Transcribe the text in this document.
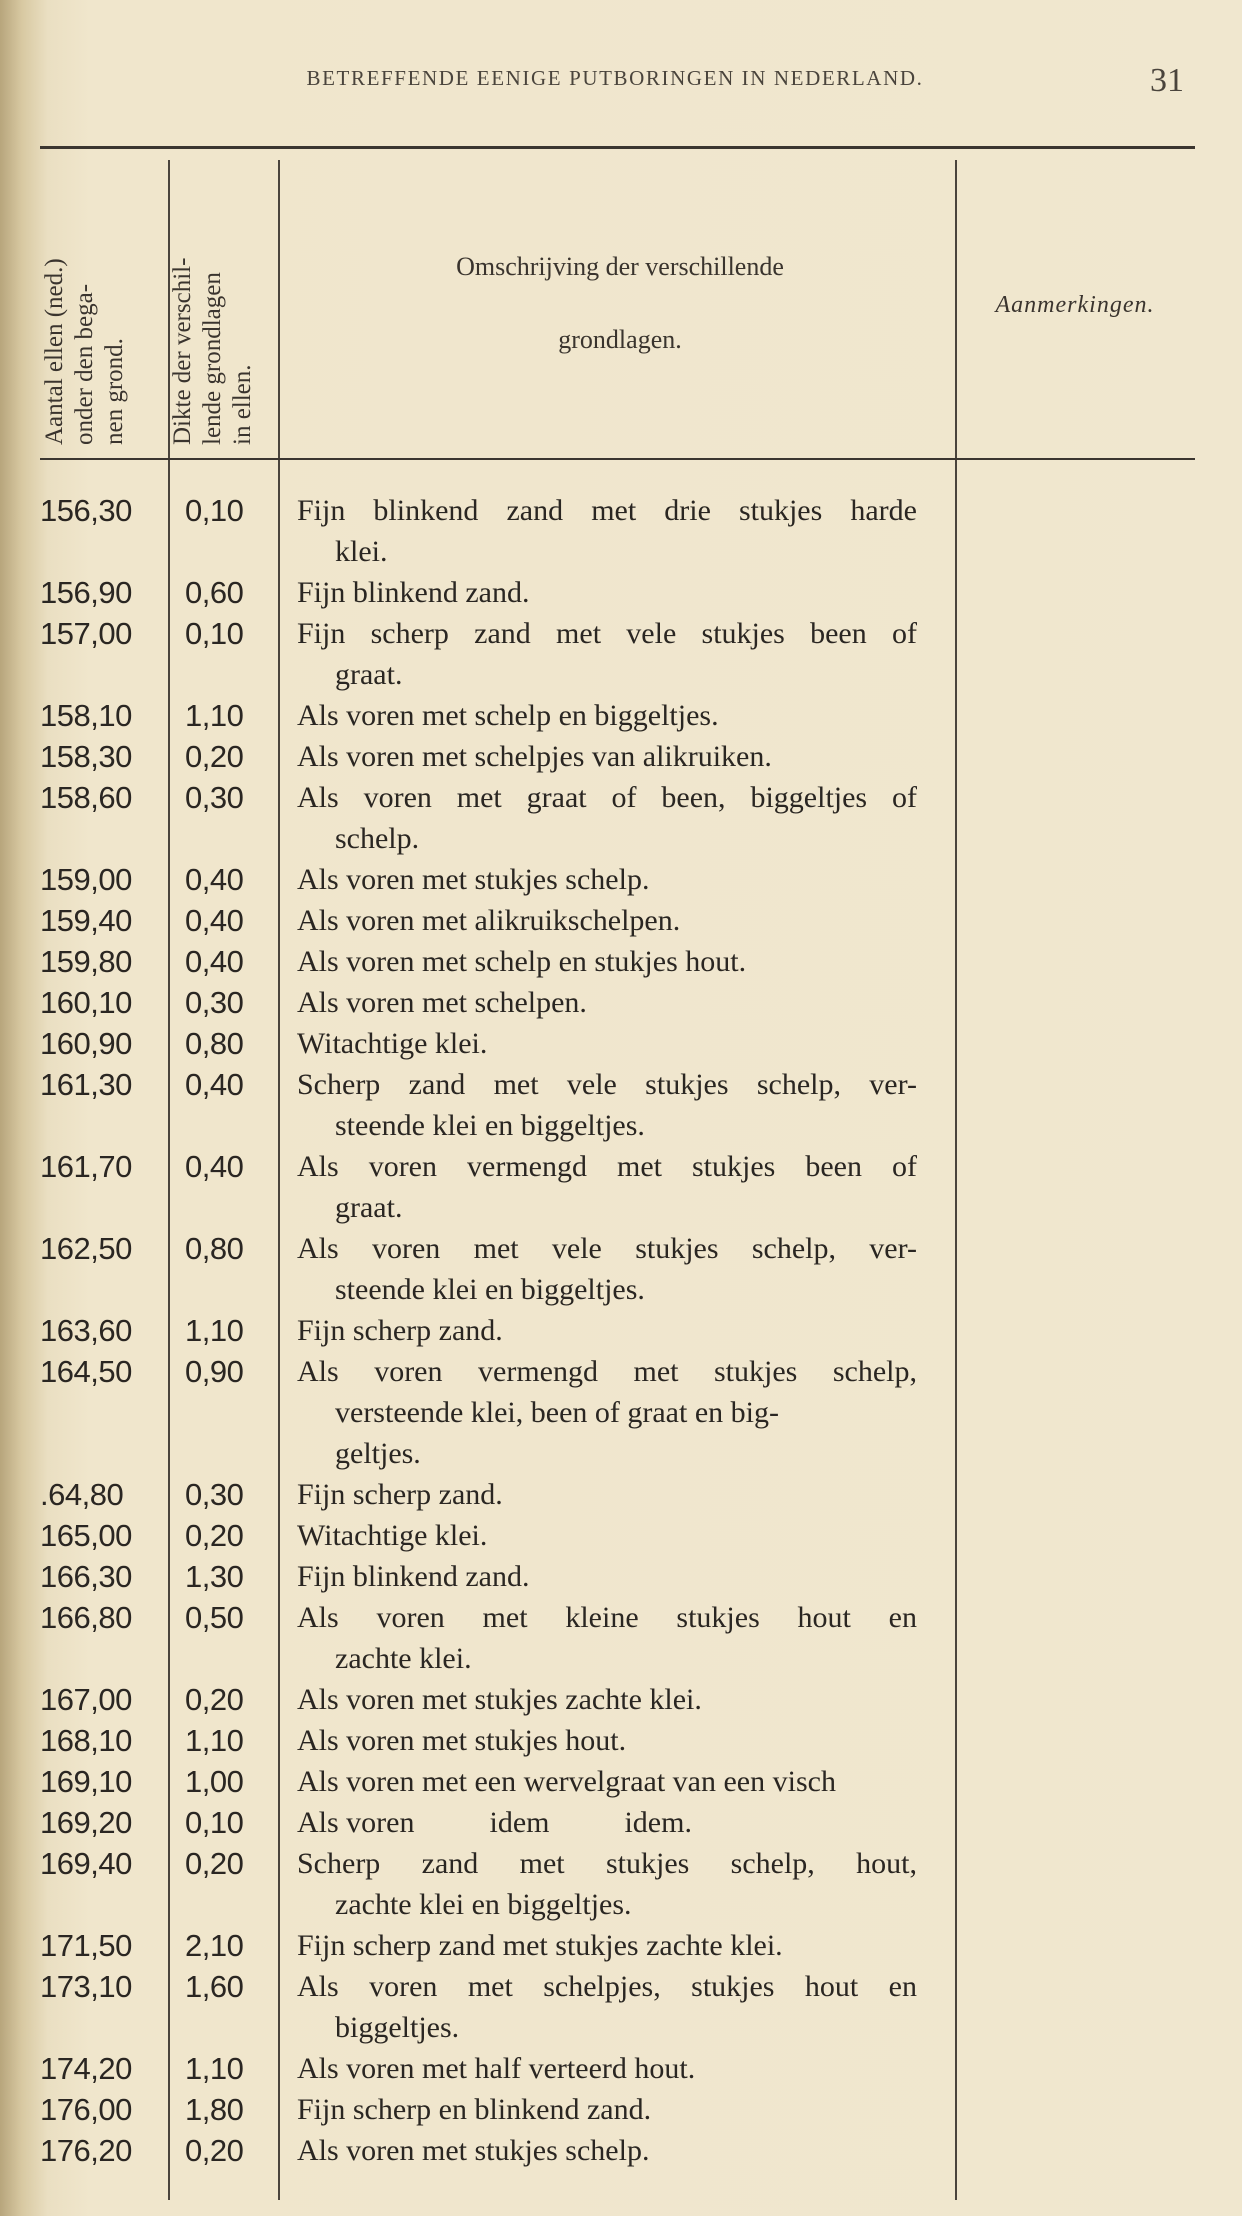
BETREFFENDE EENIGE PUTBORINGEN IN NEDERLAND.	31
Aantal ellen (ned.) onder den bega- nen grond. Dikte der verschil- lende grondlagen in ellen.
Omschrijving der verschillende
grondlagen.
Aanmerkingen.
156,30	0,10	Fijn blinkend zand met drie stukjes harde
klei.
156,90	0,60	Fijn blinkend zand.
157,00	0,10	Fijn scherp zand met vele stukjes been of
graat.
158,10	1,10	Als voren met schelp en biggeltjes.
158,30	0,20	Als voren met schelpjes van alikruiken.
158,60	0,30	Als voren met graat of been, biggeltjes of
schelp.
159,00	0,40	Als voren met stukjes schelp.
159,40	0,40	Als voren met alikruikschelpen.
159,80	0,40	Als voren met schelp en stukjes hout.
160,10	0,30	Als voren met schelpen.
160,90	0,80	Witachtige klei.
161,30	0,40	Scherp zand met vele stukjes schelp, ver-
steende klei en biggeltjes.
161,70	0,40	Als voren vermengd met stukjes been of
graat.
162,50	0,80	Als voren met vele stukjes schelp, ver-
steende klei en biggeltjes.
163,60	1,10	Fijn scherp zand.
164,50	0,90	Als voren vermengd met stukjes schelp,
versteende klei, been of graat en big-
geltjes.
.64,80	0,30	Fijn scherp zand.
165,00	0,20	Witachtige klei.
166,30	1,30	Fijn blinkend zand.
166,80	0,50	Als voren met kleine stukjes hout en
zachte klei.
167,00	0,20	Als voren met stukjes zachte klei.
168,10	1,10	Als voren met stukjes hout.
169,10	1,00	Als voren met een wervelgraat van een visch
169,20	0,10	Als voren          idem          idem.
169,40	0,20	Scherp zand met stukjes schelp, hout,
zachte klei en biggeltjes.
171,50	2,10	Fijn scherp zand met stukjes zachte klei.
173,10	1,60	Als voren met schelpjes, stukjes hout en
biggeltjes.
174,20	1,10	Als voren met half verteerd hout.
176,00	1,80	Fijn scherp en blinkend zand.
176,20	0,20	Als voren met stukjes schelp.
